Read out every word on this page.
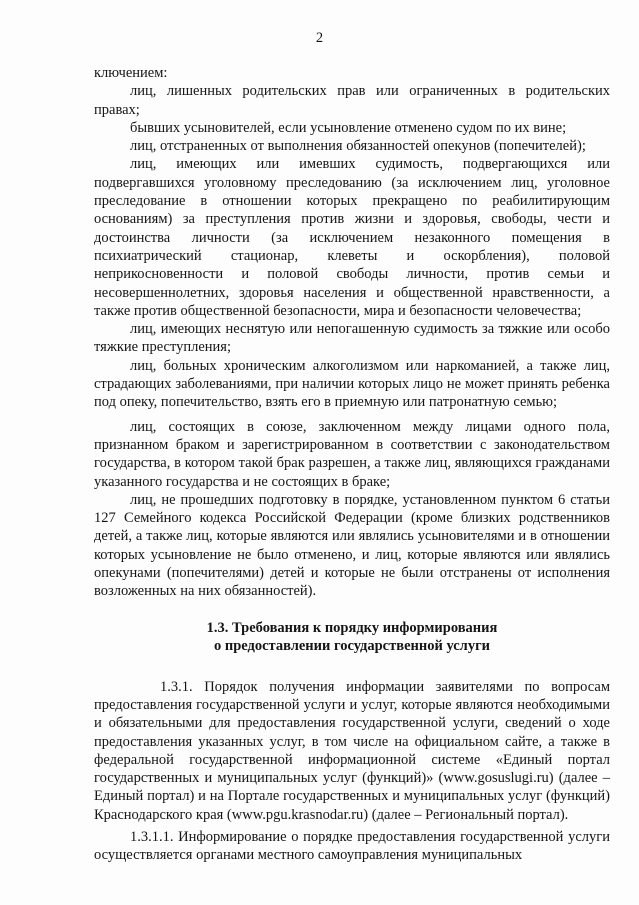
2

ключением:

лиц, лишенных родительских прав или ограниченных в родительских правах;

бывших усыновителей, если усыновление отменено судом по их вине;

лиц, отстраненных от выполнения обязанностей опекунов (попечителей);

лиц, имеющих или имевших судимость, подвергающихся или подвергавшихся уголовному преследованию (за исключением лиц, уголовное преследование в отношении которых прекращено по реабилитирующим основаниям) за преступления против жизни и здоровья, свободы, чести и достоинства личности (за исключением незаконного помещения в психиатрический стационар, клеветы и оскорбления), половой неприкосновенности и половой свободы личности, против семьи и несовершеннолетних, здоровья населения и общественной нравственности, а также против общественной безопасности, мира и безопасности человечества;

лиц, имеющих неснятую или непогашенную судимость за тяжкие или особо тяжкие преступления;

лиц, больных хроническим алкоголизмом или наркоманией, а также лиц, страдающих заболеваниями, при наличии которых лицо не может принять ребенка под опеку, попечительство, взять его в приемную или патронатную семью;

лиц, состоящих в союзе, заключенном между лицами одного пола, признанном браком и зарегистрированном в соответствии с законодательством государства, в котором такой брак разрешен, а также лиц, являющихся гражданами указанного государства и не состоящих в браке;

лиц, не прошедших подготовку в порядке, установленном пунктом 6 статьи 127 Семейного кодекса Российской Федерации (кроме близких родственников детей, а также лиц, которые являются или являлись усыновителями и в отношении которых усыновление не было отменено, и лиц, которые являются или являлись опекунами (попечителями) детей и которые не были отстранены от исполнения возложенных на них обязанностей).

1.3. Требования к порядку информирования
о предоставлении государственной услуги

1.3.1. Порядок получения информации заявителями по вопросам предоставления государственной услуги и услуг, которые являются необходимыми и обязательными для предоставления государственной услуги, сведений о ходе предоставления указанных услуг, в том числе на официальном сайте, а также в федеральной государственной информационной системе «Единый портал государственных и муниципальных услуг (функций)» (www.gosuslugi.ru) (далее – Единый портал) и на Портале государственных и муниципальных услуг (функций) Краснодарского края (www.pgu.krasnodar.ru) (далее – Региональный портал).

1.3.1.1. Информирование о порядке предоставления государственной услуги осуществляется органами местного самоуправления муниципальных
